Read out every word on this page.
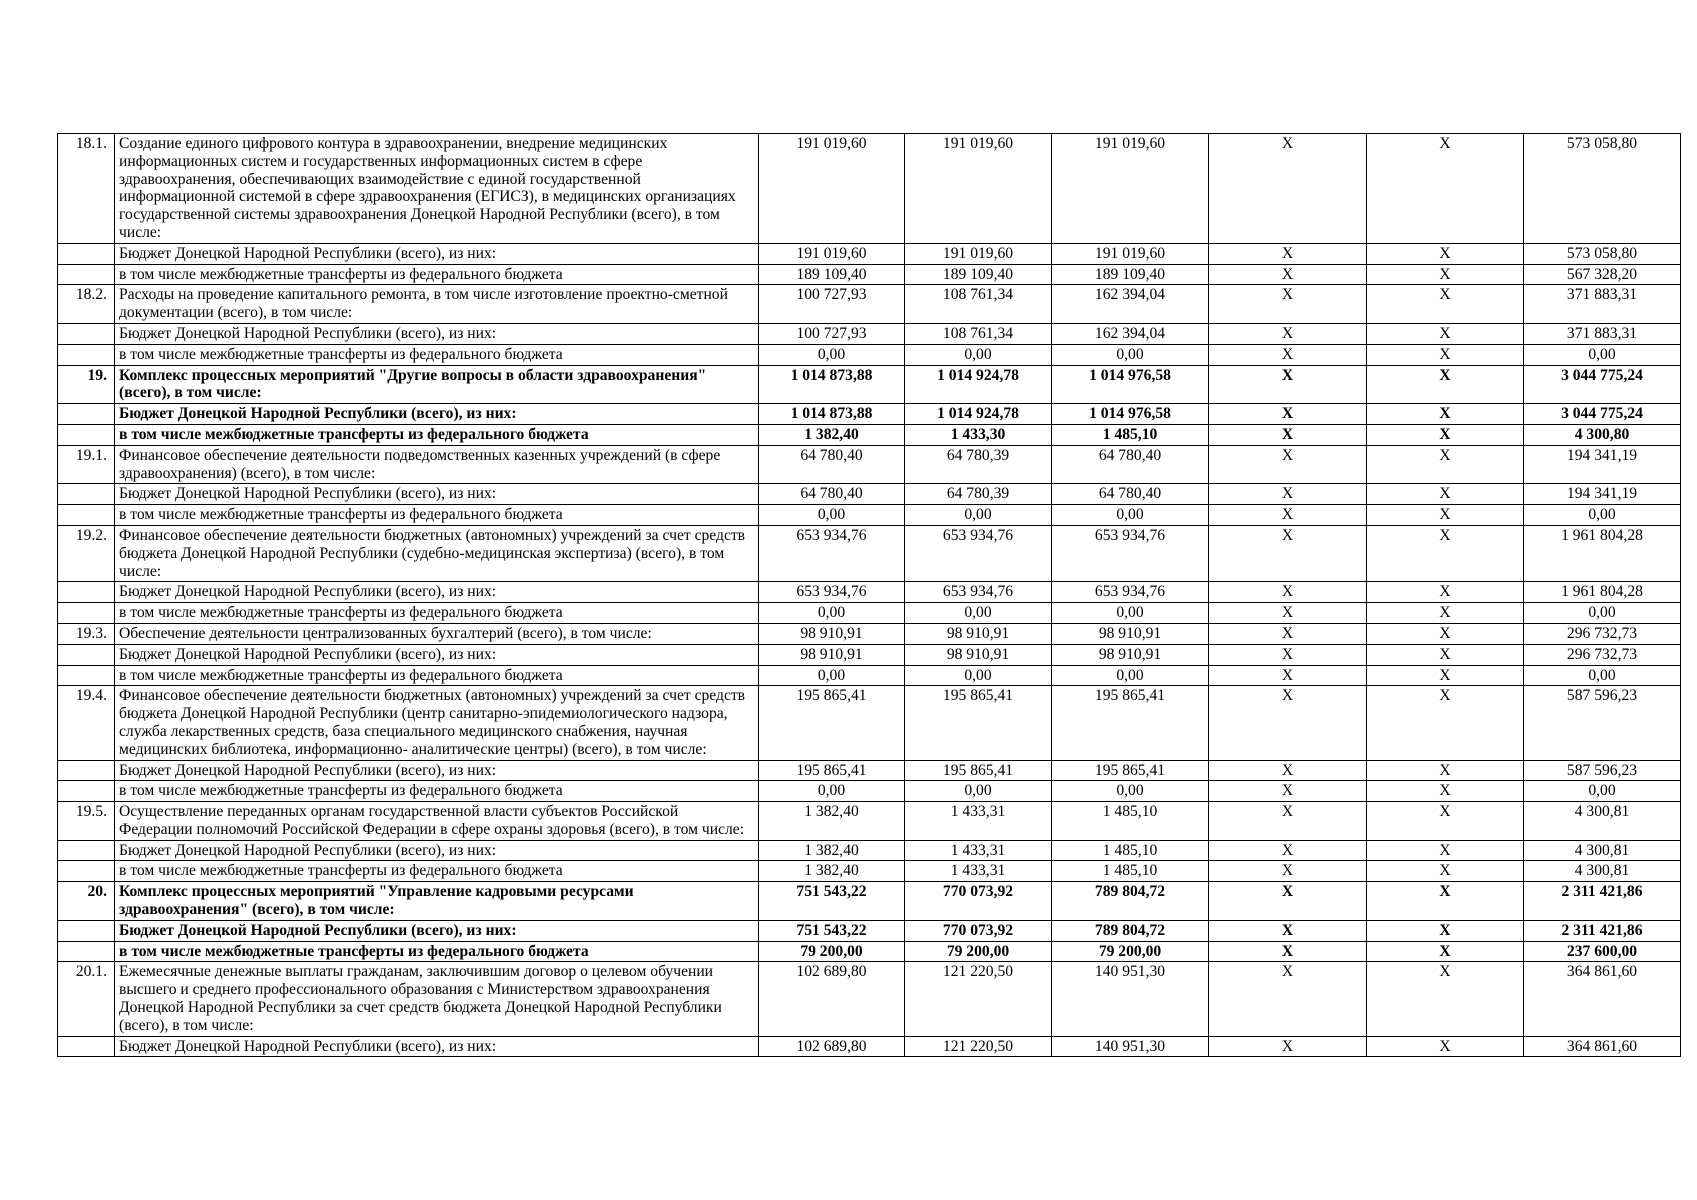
18.1.	Создание единого цифрового контура в здравоохранении, внедрение медицинских информационных систем и государственных информационных систем в сфере здравоохранения, обеспечивающих взаимодействие с единой государственной информационной системой в сфере здравоохранения (ЕГИСЗ), в медицинских организациях государственной системы здравоохранения Донецкой Народной Республики (всего), в том числе:	191 019,60	191 019,60	191 019,60	Х	Х	573 058,80
	Бюджет Донецкой Народной Республики (всего), из них:	191 019,60	191 019,60	191 019,60	Х	Х	573 058,80
	в том числе межбюджетные трансферты из федерального бюджета	189 109,40	189 109,40	189 109,40	Х	Х	567 328,20
18.2.	Расходы на проведение капитального ремонта, в том числе изготовление проектно-сметной документации (всего), в том числе:	100 727,93	108 761,34	162 394,04	Х	Х	371 883,31
	Бюджет Донецкой Народной Республики (всего), из них:	100 727,93	108 761,34	162 394,04	Х	Х	371 883,31
	в том числе межбюджетные трансферты из федерального бюджета	0,00	0,00	0,00	Х	Х	0,00
19.	Комплекс процессных мероприятий "Другие вопросы в области здравоохранения" (всего), в том числе:	1 014 873,88	1 014 924,78	1 014 976,58	Х	Х	3 044 775,24
	Бюджет Донецкой Народной Республики (всего), из них:	1 014 873,88	1 014 924,78	1 014 976,58	Х	Х	3 044 775,24
	в том числе межбюджетные трансферты из федерального бюджета	1 382,40	1 433,30	1 485,10	Х	Х	4 300,80
19.1.	Финансовое обеспечение деятельности подведомственных казенных учреждений (в сфере здравоохранения) (всего), в том числе:	64 780,40	64 780,39	64 780,40	Х	Х	194 341,19
	Бюджет Донецкой Народной Республики (всего), из них:	64 780,40	64 780,39	64 780,40	Х	Х	194 341,19
	в том числе межбюджетные трансферты из федерального бюджета	0,00	0,00	0,00	Х	Х	0,00
19.2.	Финансовое обеспечение деятельности бюджетных (автономных) учреждений за счет средств бюджета Донецкой Народной Республики (судебно-медицинская экспертиза) (всего), в том числе:	653 934,76	653 934,76	653 934,76	Х	Х	1 961 804,28
	Бюджет Донецкой Народной Республики (всего), из них:	653 934,76	653 934,76	653 934,76	Х	Х	1 961 804,28
	в том числе межбюджетные трансферты из федерального бюджета	0,00	0,00	0,00	Х	Х	0,00
19.3.	Обеспечение деятельности централизованных бухгалтерий (всего), в том числе:	98 910,91	98 910,91	98 910,91	Х	Х	296 732,73
	Бюджет Донецкой Народной Республики (всего), из них:	98 910,91	98 910,91	98 910,91	Х	Х	296 732,73
	в том числе межбюджетные трансферты из федерального бюджета	0,00	0,00	0,00	Х	Х	0,00
19.4.	Финансовое обеспечение деятельности бюджетных (автономных) учреждений за счет средств бюджета Донецкой Народной Республики (центр санитарно-эпидемиологического надзора, служба лекарственных средств, база специального медицинского снабжения, научная медицинских библиотека, информационно- аналитические центры) (всего), в том числе:	195 865,41	195 865,41	195 865,41	Х	Х	587 596,23
	Бюджет Донецкой Народной Республики (всего), из них:	195 865,41	195 865,41	195 865,41	Х	Х	587 596,23
	в том числе межбюджетные трансферты из федерального бюджета	0,00	0,00	0,00	Х	Х	0,00
19.5.	Осуществление переданных органам государственной власти субъектов Российской Федерации полномочий Российской Федерации в сфере охраны здоровья (всего), в том числе:	1 382,40	1 433,31	1 485,10	Х	Х	4 300,81
	Бюджет Донецкой Народной Республики (всего), из них:	1 382,40	1 433,31	1 485,10	Х	Х	4 300,81
	в том числе межбюджетные трансферты из федерального бюджета	1 382,40	1 433,31	1 485,10	Х	Х	4 300,81
20.	Комплекс процессных мероприятий "Управление кадровыми ресурсами здравоохранения" (всего), в том числе:	751 543,22	770 073,92	789 804,72	Х	Х	2 311 421,86
	Бюджет Донецкой Народной Республики (всего), из них:	751 543,22	770 073,92	789 804,72	Х	Х	2 311 421,86
	в том числе межбюджетные трансферты из федерального бюджета	79 200,00	79 200,00	79 200,00	Х	Х	237 600,00
20.1.	Ежемесячные денежные выплаты гражданам, заключившим договор о целевом обучении высшего и среднего профессионального образования с Министерством здравоохранения Донецкой Народной Республики за счет средств бюджета Донецкой Народной Республики (всего), в том числе:	102 689,80	121 220,50	140 951,30	Х	Х	364 861,60
	Бюджет Донецкой Народной Республики (всего), из них:	102 689,80	121 220,50	140 951,30	Х	Х	364 861,60
